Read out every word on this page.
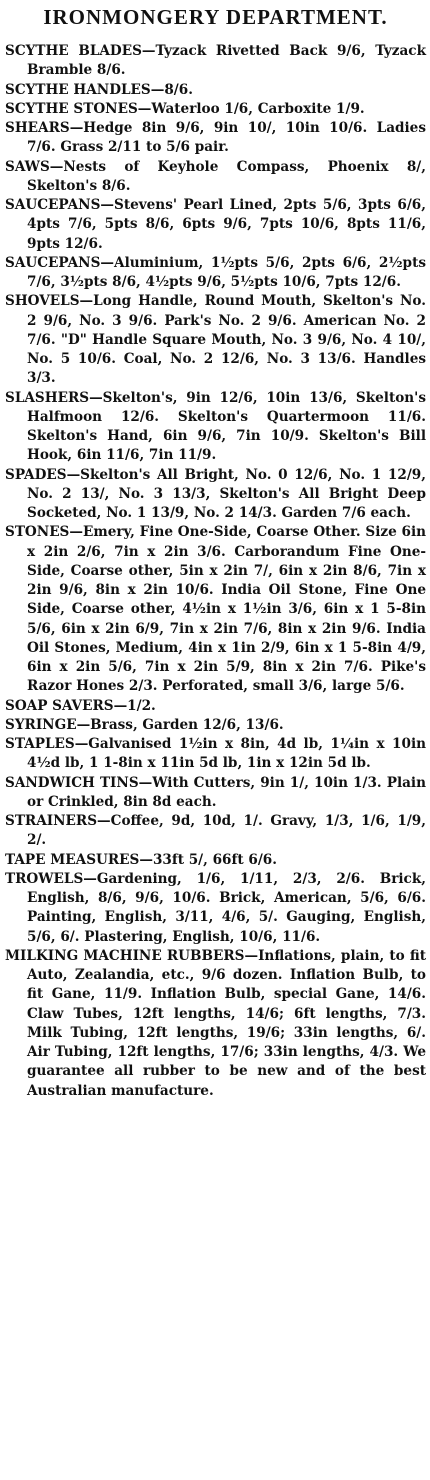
IRONMONGERY DEPARTMENT.

SCYTHE BLADES—Tyzack Rivetted Back 9/6, Tyzack Bramble 8/6.

SCYTHE HANDLES—8/6.

SCYTHE STONES—Waterloo 1/6, Carboxite 1/9.

SHEARS—Hedge 8in 9/6, 9in 10/, 10in 10/6. Ladies 7/6. Grass 2/11 to 5/6 pair.

SAWS—Nests of Keyhole Compass, Phoenix 8/, Skelton's 8/6.

SAUCEPANS—Stevens' Pearl Lined, 2pts 5/6, 3pts 6/6, 4pts 7/6, 5pts 8/6, 6pts 9/6, 7pts 10/6, 8pts 11/6, 9pts 12/6.

SAUCEPANS—Aluminium, 1½pts 5/6, 2pts 6/6, 2½pts 7/6, 3½pts 8/6, 4½pts 9/6, 5½pts 10/6, 7pts 12/6.

SHOVELS—Long Handle, Round Mouth, Skelton's No. 2 9/6, No. 3 9/6. Park's No. 2 9/6. American No. 2 7/6. "D" Handle Square Mouth, No. 3 9/6, No. 4 10/, No. 5 10/6. Coal, No. 2 12/6, No. 3 13/6. Handles 3/3.

SLASHERS—Skelton's, 9in 12/6, 10in 13/6, Skelton's Halfmoon 12/6. Skelton's Quartermoon 11/6. Skelton's Hand, 6in 9/6, 7in 10/9. Skelton's Bill Hook, 6in 11/6, 7in 11/9.

SPADES—Skelton's All Bright, No. 0 12/6, No. 1 12/9, No. 2 13/, No. 3 13/3, Skelton's All Bright Deep Socketed, No. 1 13/9, No. 2 14/3. Garden 7/6 each.

STONES—Emery, Fine One-Side, Coarse Other. Size 6in x 2in 2/6, 7in x 2in 3/6. Carborandum Fine One-Side, Coarse other, 5in x 2in 7/, 6in x 2in 8/6, 7in x 2in 9/6, 8in x 2in 10/6. India Oil Stone, Fine One Side, Coarse other, 4½in x 1½in 3/6, 6in x 1 5-8in 5/6, 6in x 2in 6/9, 7in x 2in 7/6, 8in x 2in 9/6. India Oil Stones, Medium, 4in x 1in 2/9, 6in x 1 5-8in 4/9, 6in x 2in 5/6, 7in x 2in 5/9, 8in x 2in 7/6. Pike's Razor Hones 2/3. Perforated, small 3/6, large 5/6.

SOAP SAVERS—1/2.

SYRINGE—Brass, Garden 12/6, 13/6.

STAPLES—Galvanised 1½in x 8in, 4d lb, 1¼in x 10in 4½d lb, 1 1-8in x 11in 5d lb, 1in x 12in 5d lb.

SANDWICH TINS—With Cutters, 9in 1/, 10in 1/3. Plain or Crinkled, 8in 8d each.

STRAINERS—Coffee, 9d, 10d, 1/. Gravy, 1/3, 1/6, 1/9, 2/.

TAPE MEASURES—33ft 5/, 66ft 6/6.

TROWELS—Gardening, 1/6, 1/11, 2/3, 2/6. Brick, English, 8/6, 9/6, 10/6. Brick, American, 5/6, 6/6. Painting, English, 3/11, 4/6, 5/. Gauging, English, 5/6, 6/. Plastering, English, 10/6, 11/6.

MILKING MACHINE RUBBERS—Inflations, plain, to fit Auto, Zealandia, etc., 9/6 dozen. Inflation Bulb, to fit Gane, 11/9. Inflation Bulb, special Gane, 14/6. Claw Tubes, 12ft lengths, 14/6; 6ft lengths, 7/3. Milk Tubing, 12ft lengths, 19/6; 33in lengths, 6/. Air Tubing, 12ft lengths, 17/6; 33in lengths, 4/3. We guarantee all rubber to be new and of the best Australian manufacture.
